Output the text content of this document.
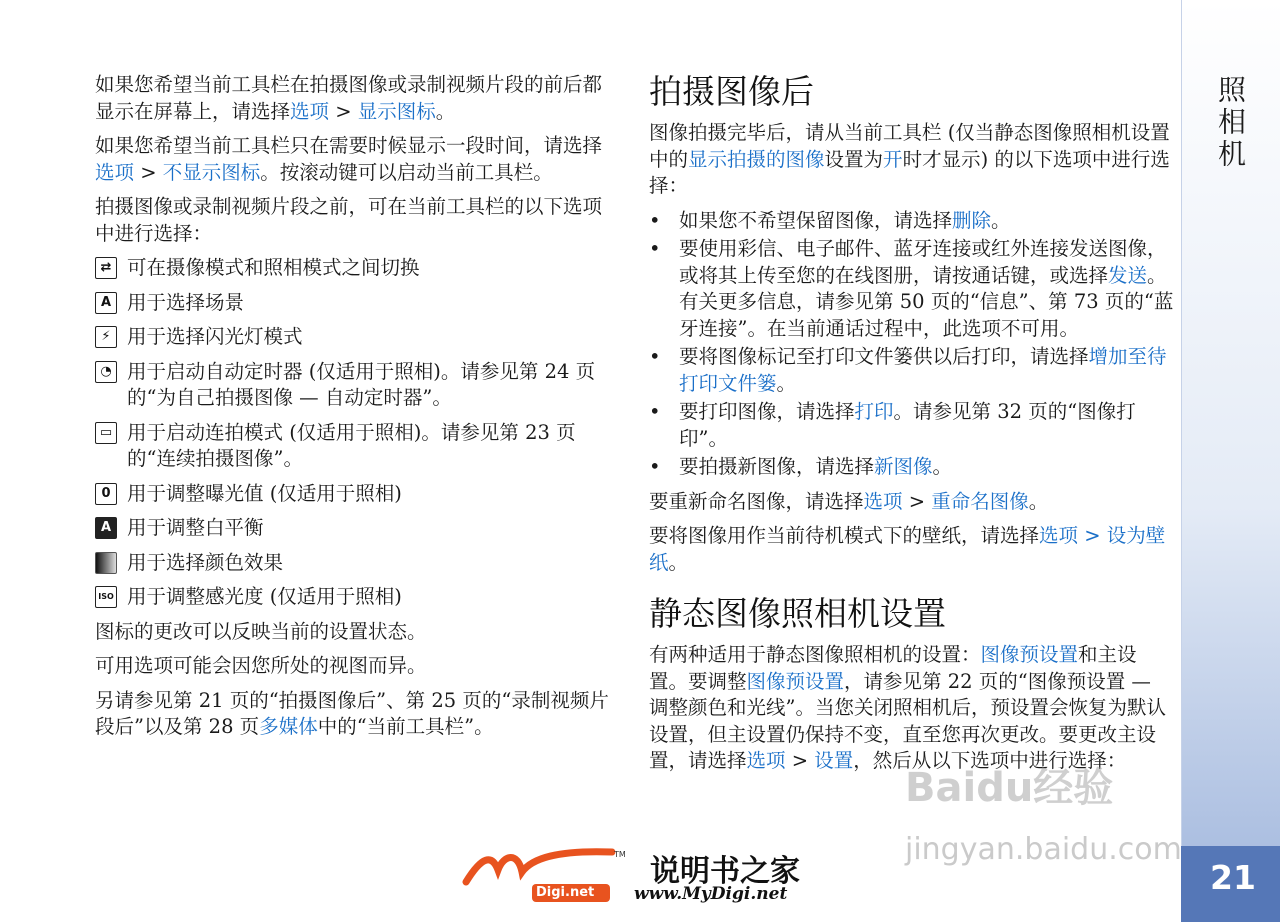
如果您希望当前工具栏在拍摄图像或录制视频片段的前后都显示在屏幕上，请选择选项 > 显示图标。

如果您希望当前工具栏只在需要时候显示一段时间，请选择选项 > 不显示图标。按滚动键可以启动当前工具栏。

拍摄图像或录制视频片段之前，可在当前工具栏的以下选项中进行选择：

⇄ 可在摄像模式和照相模式之间切换
A 用于选择场景
⚡ 用于选择闪光灯模式
◔ 用于启动自动定时器 (仅适用于照相)。请参见第 24 页的“为自己拍摄图像 — 自动定时器”。
▭ 用于启动连拍模式 (仅适用于照相)。请参见第 23 页的“连续拍摄图像”。
0 用于调整曝光值 (仅适用于照相)
A 用于调整白平衡
用于选择颜色效果
ISO 用于调整感光度 (仅适用于照相)

图标的更改可以反映当前的设置状态。

可用选项可能会因您所处的视图而异。

另请参见第 21 页的“拍摄图像后”、第 25 页的“录制视频片段后”以及第 28 页多媒体中的“当前工具栏”。

拍摄图像后

图像拍摄完毕后，请从当前工具栏 (仅当静态图像照相机设置中的显示拍摄的图像设置为开时才显示) 的以下选项中进行选择：

• 如果您不希望保留图像，请选择删除。
• 要使用彩信、电子邮件、蓝牙连接或红外连接发送图像，或将其上传至您的在线图册，请按通话键，或选择发送。有关更多信息，请参见第 50 页的“信息”、第 73 页的“蓝牙连接”。在当前通话过程中，此选项不可用。
• 要将图像标记至打印文件篓供以后打印，请选择增加至待打印文件篓。
• 要打印图像，请选择打印。请参见第 32 页的“图像打印”。
• 要拍摄新图像，请选择新图像。

要重新命名图像，请选择选项 > 重命名图像。

要将图像用作当前待机模式下的壁纸，请选择选项 > 设为壁纸。

静态图像照相机设置

有两种适用于静态图像照相机的设置：图像预设置和主设置。要调整图像预设置，请参见第 22 页的“图像预设置 — 调整颜色和光线”。当您关闭照相机后，预设置会恢复为默认设置，但主设置仍保持不变，直至您再次更改。要更改主设置，请选择选项 > 设置，然后从以下选项中进行选择：

照相机
21
Baidu经验
jingyan.baidu.com
Digi.net
TM 说明书之家
www.MyDigi.net
